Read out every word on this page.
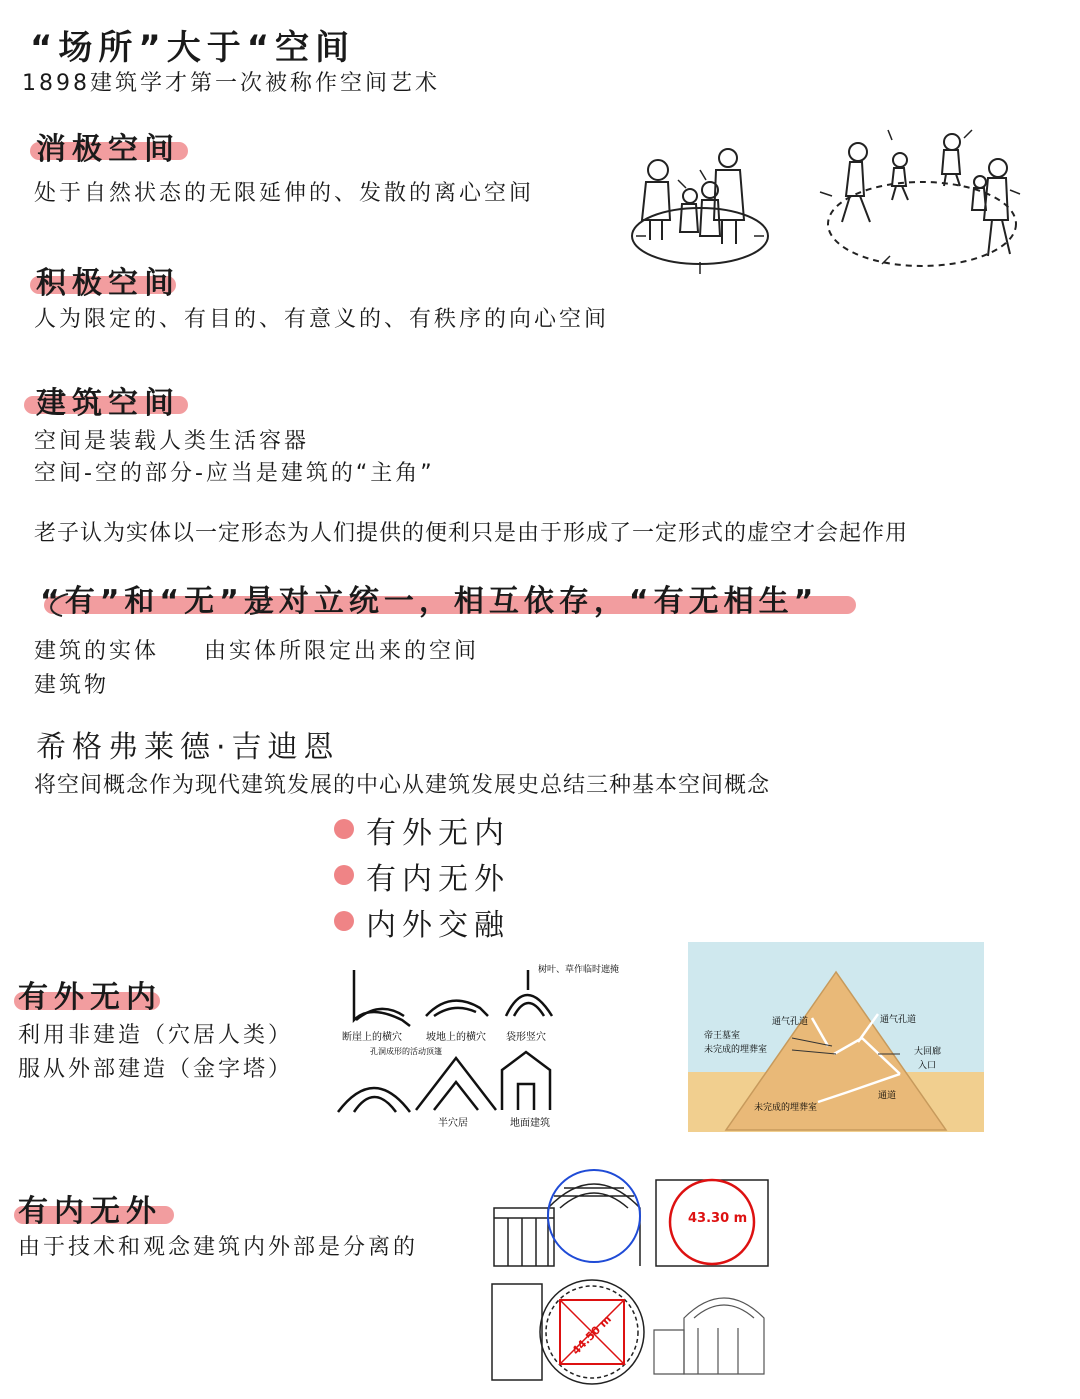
“场所”大于“空间
1898建筑学才第一次被称作空间艺术
消极空间
处于自然状态的无限延伸的、发散的离心空间
积极空间
人为限定的、有目的、有意义的、有秩序的向心空间
建筑空间
空间是装载人类生活容器
空间-空的部分-应当是建筑的“主角”
老子认为实体以一定形态为人们提供的便利只是由于形成了一定形式的虚空才会起作用
“有”和“无”是对立统一，相互依存，“有无相生”
建筑的实体
建筑物
由实体所限定出来的空间
希格弗莱德·吉迪恩
将空间概念作为现代建筑发展的中心从建筑发展史总结三种基本空间概念
有外无内
有内无外
内外交融
有外无内
利用非建造（穴居人类）
服从外部建造（金字塔）
有内无外
由于技术和观念建筑内外部是分离的
树叶、草作临时遮掩
断崖上的横穴 坡地上的横穴 袋形竖穴
孔洞成形的活动顶篷
半穴居	地面建筑
通气孔道	通气孔道
帝王墓室
未完成的埋葬室	大回廊
入口
通道
未完成的埋葬室
43.30 m
44.50 m
